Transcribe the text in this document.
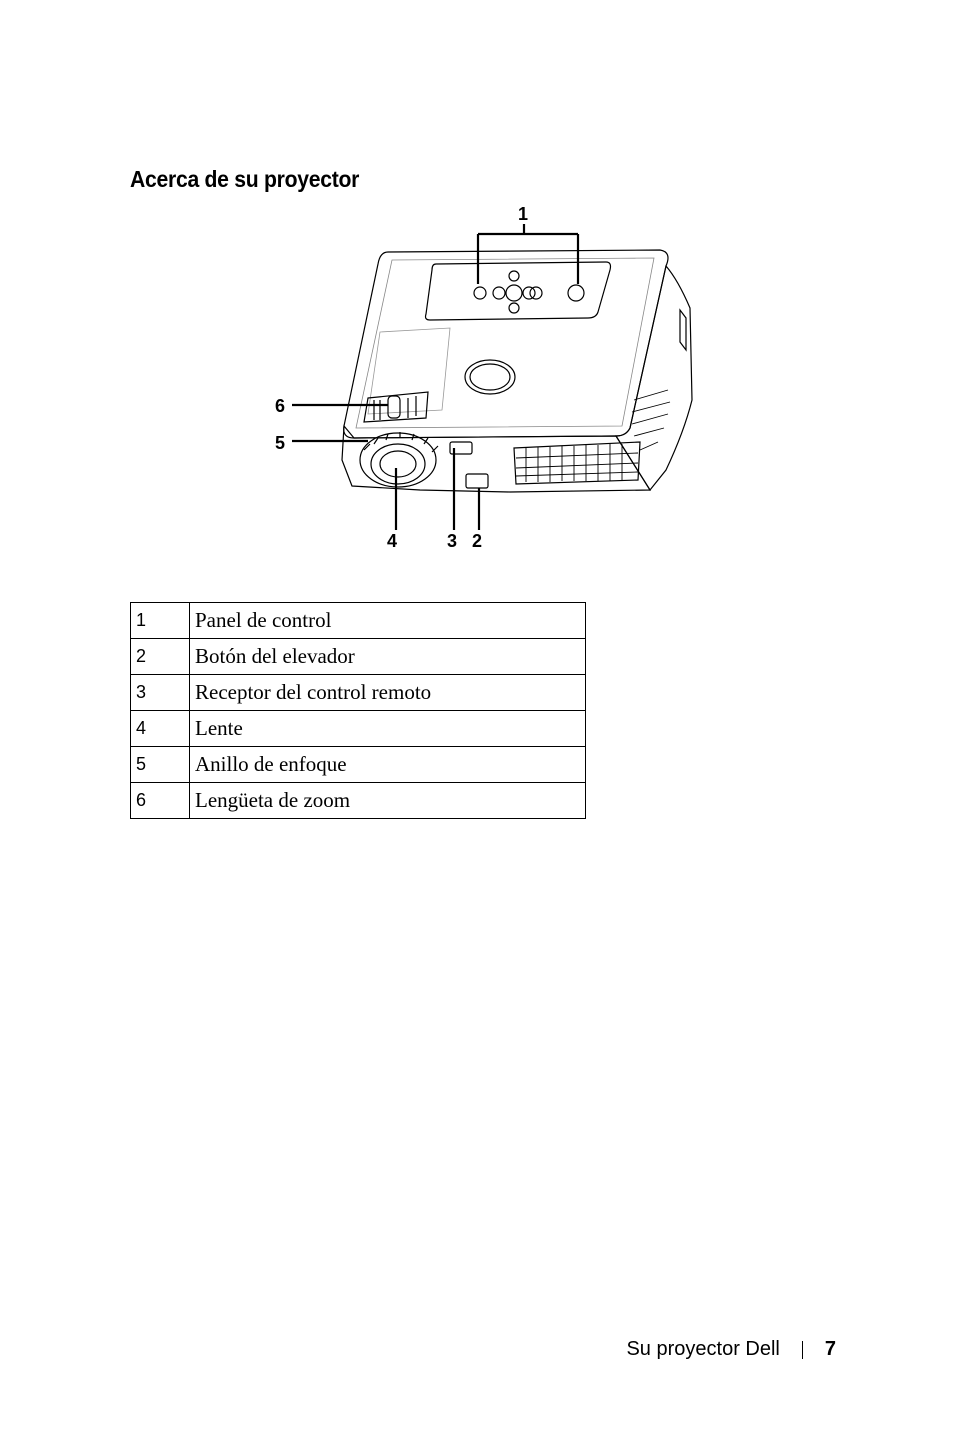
Acerca de su proyector
1
2
3
4
5
6
1	Panel de control
2	Botón del elevador
3	Receptor del control remoto
4	Lente
5	Anillo de enfoque
6	Lengüeta de zoom
Su proyector Dell 7
